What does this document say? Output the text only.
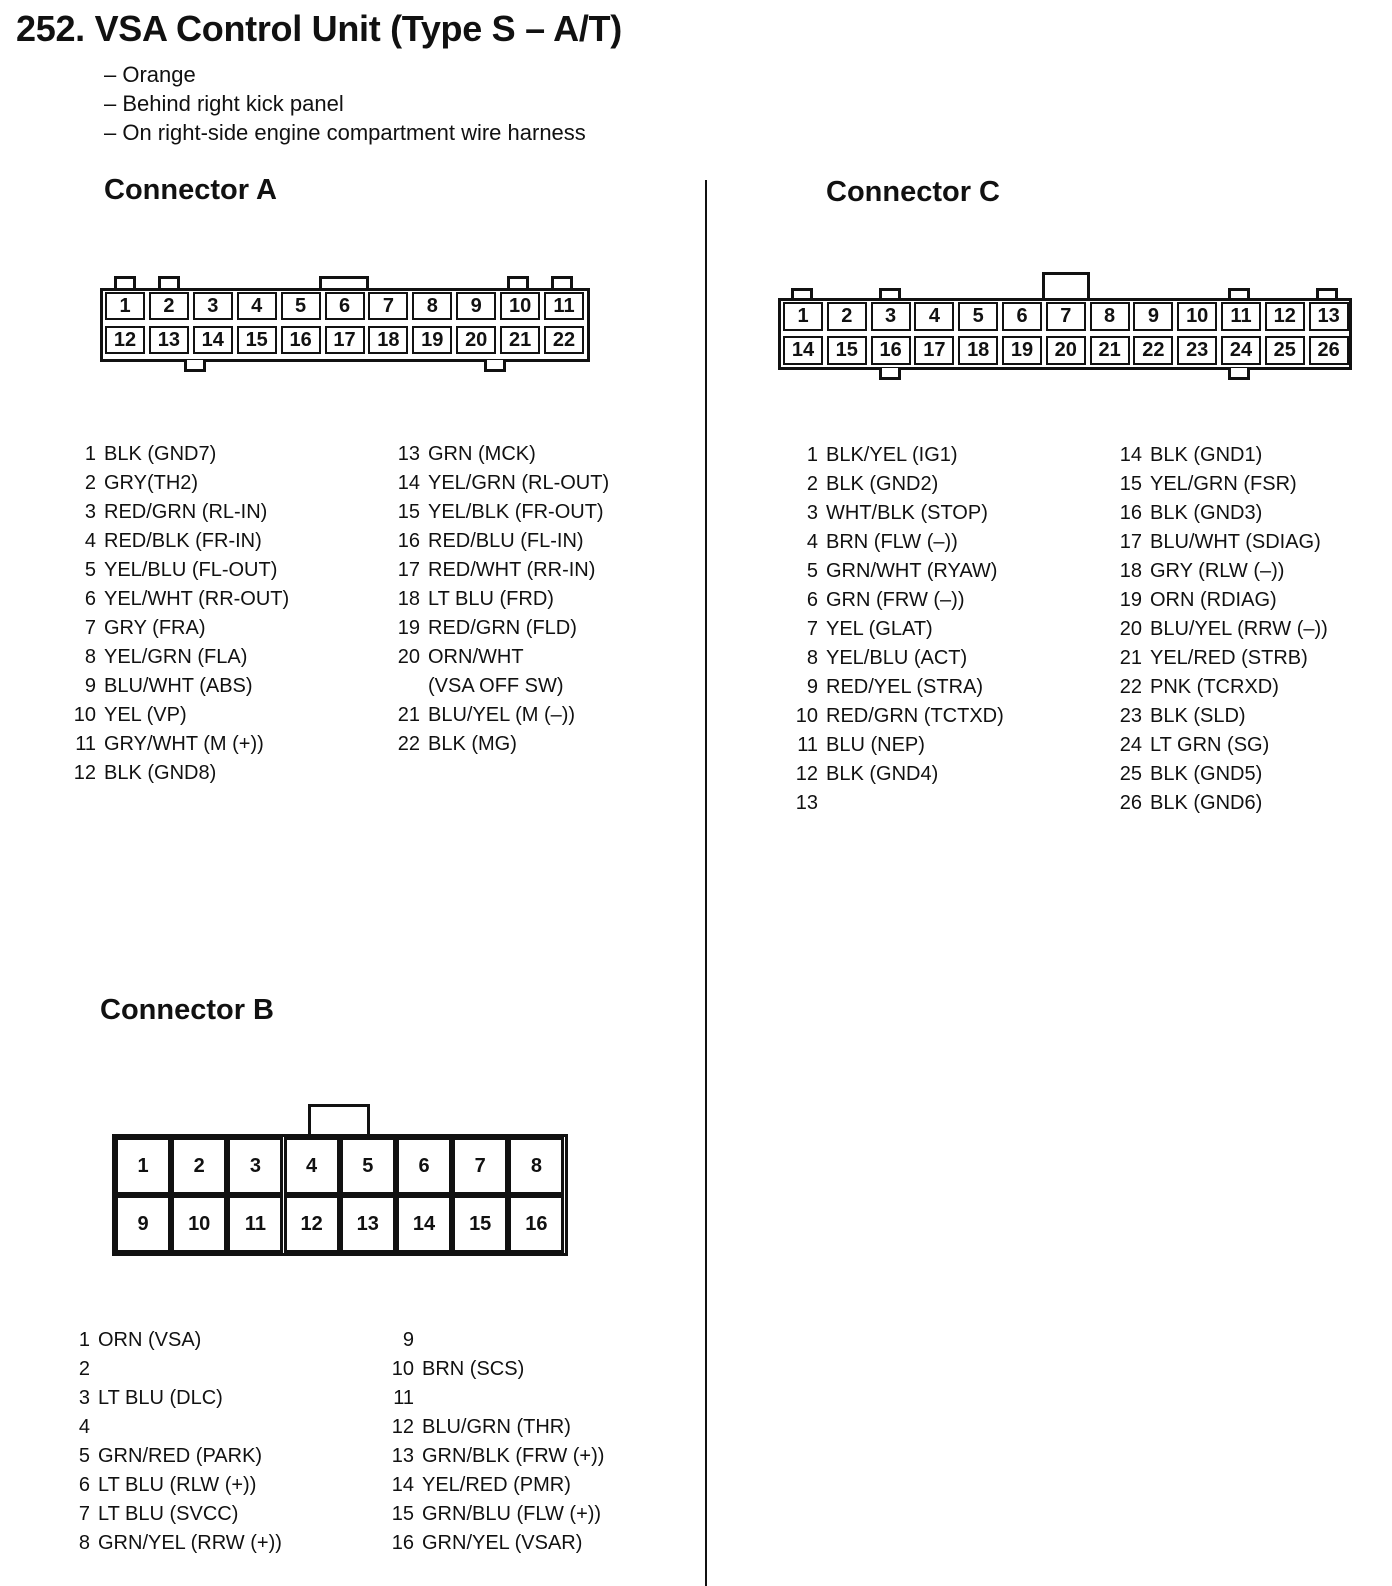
252. VSA Control Unit (Type S – A/T)
– Orange
– Behind right kick panel
– On right-side engine compartment wire harness
Connector A
1	2	3	4	5	6	7	8	9	10	11
12	13	14	15	16	17	18	19	20	21	22
1 BLK (GND7)
2 GRY(TH2)
3 RED/GRN (RL-IN)
4 RED/BLK (FR-IN)
5 YEL/BLU (FL-OUT)
6 YEL/WHT (RR-OUT)
7 GRY (FRA)
8 YEL/GRN (FLA)
9 BLU/WHT (ABS)
10 YEL (VP)
11 GRY/WHT (M (+))
12 BLK (GND8)
13 GRN (MCK)
14 YEL/GRN (RL-OUT)
15 YEL/BLK (FR-OUT)
16 RED/BLU (FL-IN)
17 RED/WHT (RR-IN)
18 LT BLU (FRD)
19 RED/GRN (FLD)
20 ORN/WHT
(VSA OFF SW)
21 BLU/YEL (M (–))
22 BLK (MG)
Connector C
1	2	3	4	5	6	7	8	9	10	11	12	13
14	15	16	17	18	19	20	21	22	23	24	25	26
1 BLK/YEL (IG1)
2 BLK (GND2)
3 WHT/BLK (STOP)
4 BRN (FLW (–))
5 GRN/WHT (RYAW)
6 GRN (FRW (–))
7 YEL (GLAT)
8 YEL/BLU (ACT)
9 RED/YEL (STRA)
10 RED/GRN (TCTXD)
11 BLU (NEP)
12 BLK (GND4)
13
14 BLK (GND1)
15 YEL/GRN (FSR)
16 BLK (GND3)
17 BLU/WHT (SDIAG)
18 GRY (RLW (–))
19 ORN (RDIAG)
20 BLU/YEL (RRW (–))
21 YEL/RED (STRB)
22 PNK (TCRXD)
23 BLK (SLD)
24 LT GRN (SG)
25 BLK (GND5)
26 BLK (GND6)
Connector B
1	2	3	4	5	6	7	8
9	10	11	12	13	14	15	16
1 ORN (VSA)
2
3 LT BLU (DLC)
4
5 GRN/RED (PARK)
6 LT BLU (RLW (+))
7 LT BLU (SVCC)
8 GRN/YEL (RRW (+))
9
10 BRN (SCS)
11
12 BLU/GRN (THR)
13 GRN/BLK (FRW (+))
14 YEL/RED (PMR)
15 GRN/BLU (FLW (+))
16 GRN/YEL (VSAR)
